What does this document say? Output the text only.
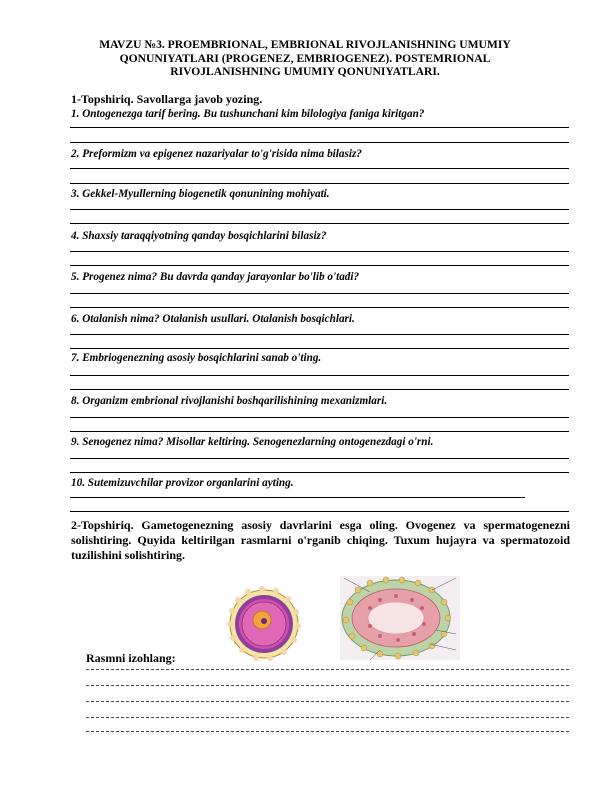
MAVZU №3. PROEMBRIONAL, EMBRIONAL RIVOJLANISHNING UMUMIY QONUNIYATLARI (PROGENEZ, EMBRIOGENEZ). POSTEMRIONAL RIVOJLANISHNING UMUMIY QONUNIYATLARI.
1-Topshiriq. Savollarga javob yozing.
1. Ontogenezga tarif bering. Bu tushunchani kim bilologiya faniga kiritgan?
2. Preformizm va epigenez nazariyalar to'g'risida nima bilasiz?
3. Gekkel-Myullerning biogenetik qonunining mohiyati.
4. Shaxsiy taraqqiyotning qanday bosqichlarini bilasiz?
5. Progenez nima? Bu davrda qanday jarayonlar bo'lib o'tadi?
6. Otalanish nima? Otalanish usullari. Otalanish bosqichlari.
7. Embriogenezning asosiy bosqichlarini sanab o'ting.
8. Organizm embrional rivojlanishi boshqarilishining mexanizmlari.
9. Senogenez nima? Misollar keltiring. Senogenezlarning ontogenezdagi o'rni.
10. Sutemizuvchilar provizor organlarini ayting.
2-Topshiriq. Gametogenezning asosiy davrlarini esga oling. Ovogenez va spermatogenezni solishtiring. Quyida keltirilgan rasmlarni o'rganib chiqing. Tuxum hujayra va spermatozoid tuzilishini solishtiring.
Rasmni izohlang:
